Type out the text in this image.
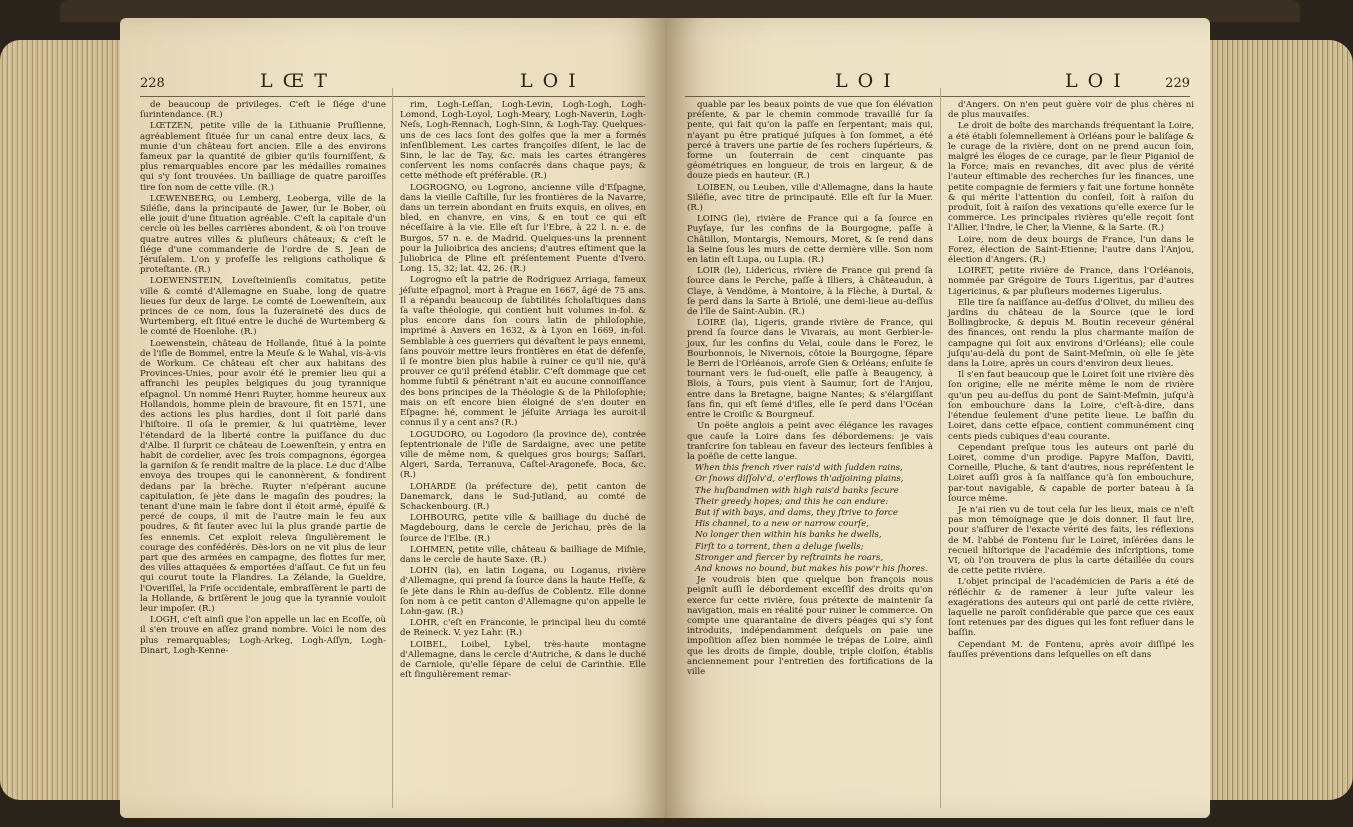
228	L Œ T	L O I

de beaucoup de privileges. C'eſt le ſiége d'une ſurintendance. (R.)

LŒTZEN, petite ville de la Lithuanie Pruſſienne, agréablement ſituée ſur un canal entre deux lacs, & munie d'un château fort ancien. Elle a des environs fameux par la quantité de gibier qu'ils fourniſſent, & plus remarquables encore par les médailles romaines qui s'y ſont trouvées. Un bailliage de quatre paroiſſes tire ſon nom de cette ville. (R.)

LŒWENBERG, ou Lemberg, Leoberga, ville de la Siléſie, dans la principauté de Jawer, ſur le Bober, où elle jouit d'une ſituation agréable. C'eſt la capitale d'un cercle où les belles carrières abondent, & où l'on trouve quatre autres villes & pluſieurs châteaux; & c'eſt le ſiége d'une commanderie de l'ordre de S. Jean de Jéruſalem. L'on y profeſſe les religions catholique & proteſtante. (R.)

LOEWENSTEIN, Loveſteinienſis comitatus, petite ville & comté d'Allemagne en Suabe, long de quatre lieues ſur deux de large. Le comté de Loewenſtein, aux princes de ce nom, ſous la ſuzeraineté des ducs de Wurtemberg, eſt ſitué entre le duché de Wurtemberg & le comté de Hoenlohe. (R.)

Loewenstein, château de Hollande, ſitué à la pointe de l'iſle de Bommel, entre la Meuſe & le Wahal, vis-à-vis de Workum. Ce château eſt cher aux habitans des Provinces-Unies, pour avoir été le premier lieu qui a affranchi les peuples belgiques du joug tyrannique eſpagnol. Un nommé Henri Ruyter, homme heureux aux Hollandois, homme plein de bravoure, fit en 1571, une des actions les plus hardies, dont il ſoit parlé dans l'hiſtoire. Il oſa le premier, & lui quatrième, lever l'étendard de la liberté contre la puiſſance du duc d'Albe. Il ſurprit ce château de Loewenſtein, y entra en habit de cordelier, avec ſes trois compagnons, égorgea la garniſon & ſe rendit maître de la place. Le duc d'Albe envoya des troupes qui le canonnèrent, & fondirent dedans par la brèche. Ruyter n'eſpérant aucune capitulation, ſe jète dans le magaſin des poudres; la tenant d'une main le ſabre dont il étoit armé, épuiſé & percé de coups, il mit de l'autre main le feu aux poudres, & fit ſauter avec lui la plus grande partie de ſes ennemis. Cet exploit releva ſingulièrement le courage des confédérés. Dès-lors on ne vit plus de leur part que des armées en campagne, des flottes ſur mer, des villes attaquées & emportées d'aſſaut. Ce fut un feu qui courut toute la Flandres. La Zélande, la Gueldre, l'Overiſſel, la Friſe occidentale, embraſſèrent le parti de la Hollande, & briſèrent le joug que la tyrannie vouloit leur impoſer. (R.)

LOGH, c'eſt ainſi que l'on appelle un lac en Ecoſſe, où il s'en trouve en aſſez grand nombre. Voici le nom des plus remarquables; Logh-Arkeg, Logh-Aſſyn, Logh-Dinart, Logh-Kenne-

rim, Logh-Leſſan, Logh-Levin, Logh-Logh, Logh-Lomond, Logh-Loyol, Logh-Meary, Logh-Naverin, Logh-Neſs, Logh-Rennach, Logh-Sinn, & Logh-Tay. Quelques-uns de ces lacs ſont des golfes que la mer a formés inſenſiblement. Les cartes françoiſes diſent, le lac de Sinn, le lac de Tay, &c. mais les cartes étrangères conſervent les noms conſacrés dans chaque pays; & cette méthode eſt préférable. (R.)

LOGROGNO, ou Logrono, ancienne ville d'Eſpagne, dans la vieille Caſtille, ſur les frontières de la Navarre, dans un terrein abondant en fruits exquis, en olives, en bled, en chanvre, en vins, & en tout ce qui eſt néceſſaire à la vie. Elle eſt ſur l'Ebre, à 22 l. n. e. de Burgos, 57 n. e. de Madrid. Quelques-uns la prennent pour la Julioibrica des anciens; d'autres eſtiment que la Juliobrica de Pline eſt préſentement Puente d'Ivero. Long. 15, 32; lat. 42, 26. (R.)

Logrogno eſt la patrie de Rodriguez Arriaga, fameux jéſuite eſpagnol, mort à Prague en 1667, âgé de 75 ans. Il a répandu beaucoup de ſubtilités ſcholaſtiques dans ſa vaſte théologie, qui contient huit volumes in-fol. & plus encore dans ſon cours latin de philoſophie, imprimé à Anvers en 1632, & à Lyon en 1669, in-fol. Semblable à ces guerriers qui dévaſtent le pays ennemi, ſans pouvoir mettre leurs frontières en état de défenſe, il ſe montre bien plus habile à ruiner ce qu'il nie, qu'à prouver ce qu'il préſend établir. C'eſt dommage que cet homme ſubtil & pénétrant n'ait eu aucune connoiſſance des bons principes de la Théologie & de la Philoſophie; mais on eſt encore bien éloigné de s'en douter en Eſpagne: hé, comment le jéſuite Arriaga les auroit-il connus il y a cent ans? (R.)

LOGUDORO, ou Logodoro (la province de), contrée ſeptentrionale de l'iſle de Sardaigne, avec une petite ville de même nom, & quelques gros bourgs; Saſſari, Algeri, Sarda, Terranuva, Caſtel-Aragonefe, Boca, &c. (R.)

LOHARDE (la préfecture de), petit canton de Danemarck, dans le Sud-Jutland, au comté de Schackenbourg. (R.)

LOHBOURG, petite ville & bailliage du duché de Magdebourg, dans le cercle de Jerichau, près de la ſource de l'Elbe. (R.)

LOHMEN, petite ville, château & bailliage de Miſnie, dans le cercle de haute Saxe. (R.)

LOHN (la), en latin Logana, ou Loganus, rivière d'Allemagne, qui prend ſa ſource dans la haute Heſſe, & ſe jète dans le Rhin au-deſſus de Coblentz. Elle donne ſon nom à ce petit canton d'Allemagne qu'on appelle le Lohn-gaw. (R.)

LOHR, c'eſt en Franconie, le principal lieu du comté de Reineck. V. yez Lahr. (R.)

LOIBEL, Loibel, Lybel, très-haute montagne d'Allemagne, dans le cercle d'Autriche, & dans le duché de Carniole, qu'elle ſépare de celui de Carinthie. Elle eſt ſingulièrement remar-

L O I	L O I	229

quable par les beaux points de vue que ſon élévation préſente, & par le chemin commode travaillé ſur ſa pente, qui fait qu'on la paſſe en ſerpentant; mais qui, n'ayant pu être pratiqué juſques à ſon ſommet, a été percé à travers une partie de ſes rochers ſupérieurs, & forme un ſouterrain de cent cinquante pas géométriques en longueur, de trois en largeur, & de douze pieds en hauteur. (R.)

LOIBEN, ou Leuben, ville d'Allemagne, dans la haute Siléſie, avec titre de principauté. Elle eſt ſur la Muer. (R.)

LOING (le), rivière de France qui a ſa ſource en Puyſaye, ſur les confins de la Bourgogne, paſſe à Châtillon, Montargis, Nemours, Moret, & ſe rend dans la Seine ſous les murs de cette dernière ville. Son nom en latin eſt Lupa, ou Lupia. (R.)

LOIR (le), Lidericus, rivière de France qui prend ſa ſource dans le Perche, paſſe à Illiers, à Châteaudun, à Claye, à Vendôme, à Montoire, à la Flèche, à Durtal, & ſe perd dans la Sarte à Briolé, une demi-lieue au-deſſus de l'île de Saint-Aubin. (R.)

LOIRE (la), Ligeris, grande rivière de France, qui prend ſa ſource dans le Vivarais, au mont Gerbier-le-joux, ſur les confins du Velai, coule dans le Forez, le Bourbonnois, le Nivernois, côtoie la Bourgogne, ſépare le Berri de l'Orléanois, arroſe Gien & Orléans; enſuite ſe tournant vers le ſud-oueſt, elle paſſe à Beaugency, à Blois, à Tours, puis vient à Saumur, ſort de l'Anjou, entre dans la Bretagne, baigne Nantes; & s'élargiſſant ſans fin, qui eſt ſemé d'iſles, elle ſe perd dans l'Océan entre le Croiſic & Bourgneuf.

Un poëte anglois a peint avec élégance les ravages que cauſe la Loire dans ſes débordemens: je vais tranſcrire ſon tableau en faveur des lecteurs ſenſibles à la poëſie de cette langue.

When this french river rais'd with ſudden rains,

Or ſnows diſſolv'd, o'erflows th'adjoining plains,

The huſbandmen with high rais'd banks ſecure

Their greedy hopes; and this he can endure:

But if with bays, and dams, they ſtrive to force

His channel, to a new or narrow courſe,

No longer then within his banks he dwells,

Firſt to a torrent, then a deluge ſwells;

Stronger and fiercer by reſtraints he roars,

And knows no bound, but makes his pow'r his ſhores.

Je voudrois bien que quelque bon françois nous peignît auſſi le débordement exceſſif des droits qu'on exerce ſur cette rivière, ſous prétexte de maintenir ſa navigation, mais en réalité pour ruiner le commerce. On compte une quarantaine de divers péages qui s'y ſont introduits, indépendamment deſquels on paie une impoſition aſſez bien nommée le trépas de Loire, ainſi que les droits de ſimple, double, triple cloiſon, établis anciennement pour l'entretien des fortifications de la ville

d'Angers. On n'en peut guère voir de plus chères ni de plus mauvaiſes.

Le droit de boîte des marchands fréquentant la Loire, a été établi ſolemnellement à Orléans pour le baliſage & le curage de la rivière, dont on ne prend aucun ſoin, malgré les éloges de ce curage, par le ſieur Piganiol de la Force; mais en revanches, dit avec plus de vérité l'auteur eſtimable des recherches ſur les finances, une petite compagnie de fermiers y fait une fortune honnête & qui mérite l'attention du conſeil, ſoit à raiſon du produit, ſoit à raiſon des vexations qu'elle exerce ſur le commerce. Les principales rivières qu'elle reçoit ſont l'Allier, l'Indre, le Cher, la Vienne, & la Sarte. (R.)

Loire, nom de deux bourgs de France, l'un dans le Forez, élection de Saint-Etienne; l'autre dans l'Anjou, élection d'Angers. (R.)

LOIRET, petite rivière de France, dans l'Orléanois, nommée par Grégoire de Tours Ligeritus, par d'autres Ligericinus, & par pluſieurs modernes Ligerulus.

Elle tire ſa naiſſance au-deſſus d'Olivet, du milieu des jardins du château de la Source (que le lord Bollingbrocke, & depuis M. Boutin receveur général des finances, ont rendu la plus charmante maiſon de campagne qui ſoit aux environs d'Orléans); elle coule juſqu'au-delà du pont de Saint-Meſmin, où elle ſe jète dans la Loire, après un cours d'environ deux lieues.

Il s'en faut beaucoup que le Loiret ſoit une rivière dès ſon origine; elle ne mérite même le nom de rivière qu'un peu au-deſſus du pont de Saint-Meſmin, juſqu'à ſon embouchure dans la Loire, c'eſt-à-dire, dans l'étendue ſeulement d'une petite lieue. Le baſſin du Loiret, dans cette eſpace, contient communément cinq cents pieds cubiques d'eau courante.

Cependant preſque tous les auteurs ont parlé du Loiret, comme d'un prodige. Papyre Maſſon, Daviti, Corneille, Pluche, & tant d'autres, nous repréſentent le Loiret auſſi gros à ſa naiſſance qu'à ſon embouchure, par-tout navigable, & capable de porter bateau à ſa ſource même.

Je n'ai rien vu de tout cela ſur les lieux, mais ce n'eſt pas mon témoignage que je dois donner. Il faut lire, pour s'aſſurer de l'exacte vérité des faits, les réflexions de M. l'abbé de Fontenu ſur le Loiret, inſérées dans le recueil hiſtorique de l'académie des inſcriptions, tome VI, où l'on trouvera de plus la carte détaillée du cours de cette petite rivière.

L'objet principal de l'académicien de Paris a été de réfléchir & de ramener à leur juſte valeur les exagérations des auteurs qui ont parlé de cette rivière, laquelle ne paroît conſidérable que parce que ces eaux ſont retenues par des digues qui les font refluer dans le baſſin.

Cependant M. de Fontenu, après avoir diſſipé les fauſſes préventions dans leſquelles on eſt dans
